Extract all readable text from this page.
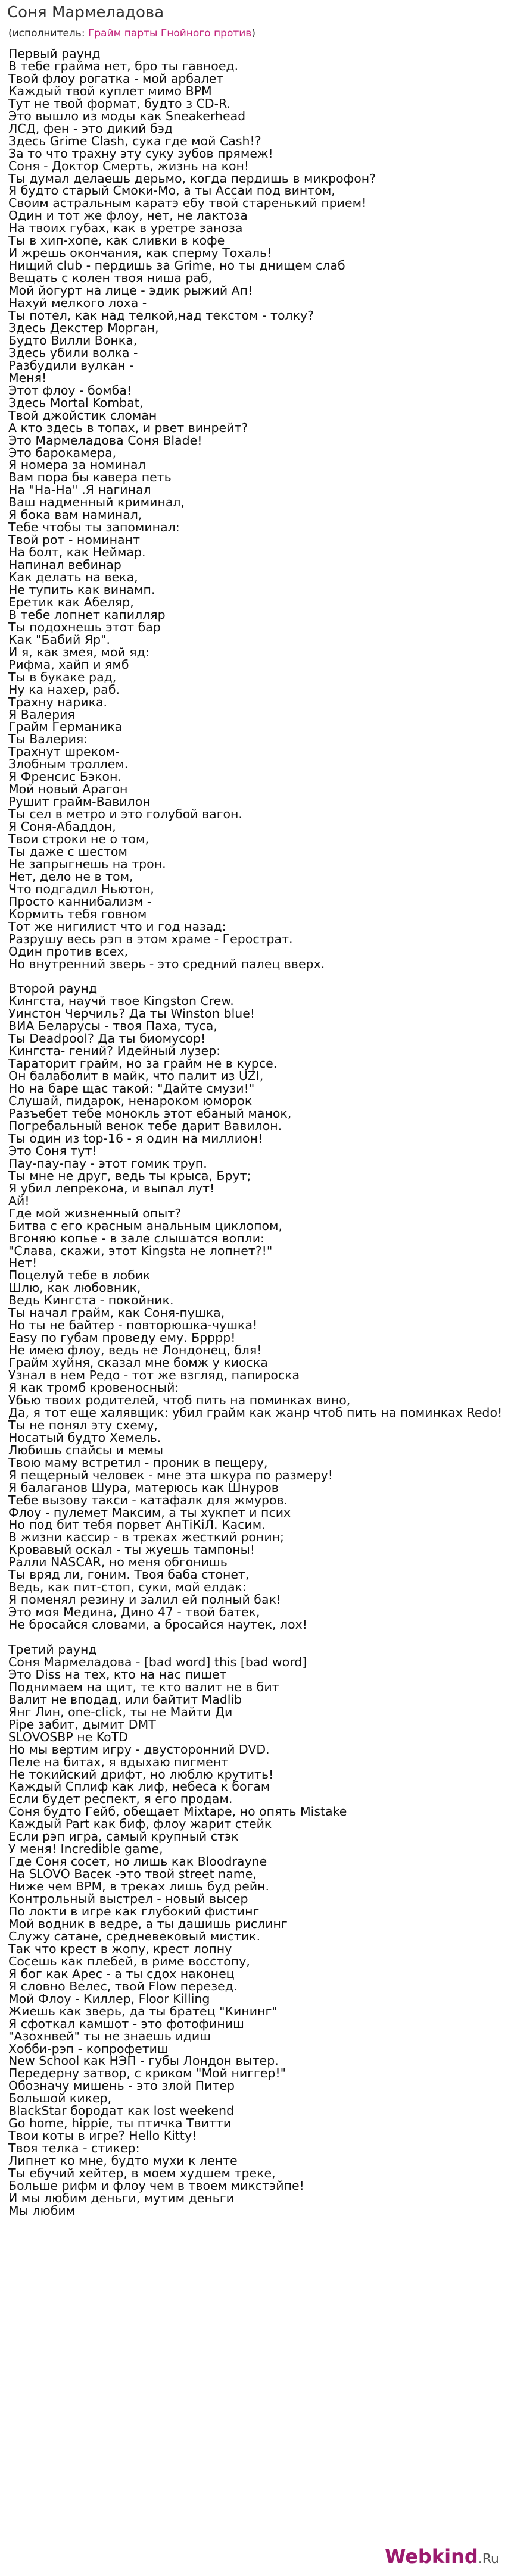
Соня Мармеладова
(исполнитель: Грайм парты Гнойного против)
Первый раунд
В тебе грайма нет, бро ты гавноед.
Твой флоу рогатка - мой арбалет
Каждый твой куплет мимо BPM
Тут не твой формат, будто з CD-R.
Это вышло из моды как Sneakerhead
ЛСД, фен - это дикий бэд
Здесь Grime Clash, сука где мой Cash!?
За то что трахну эту суку зубов прямеж!
Соня - Доктор Смерть, жизнь на кон!
Ты думал делаешь дерьмо, когда пердишь в микрофон?
Я будто старый Смоки-Мо, а ты Ассаи под винтом,
Своим астральным каратэ ебу твой старенький прием!
Один и тот же флоу, нет, не лактоза
На твоих губах, как в уретре заноза
Ты в хип-хопе, как сливки в кофе
И жрешь окончания, как сперму Тохаль!
Нищий club - пердишь за Grime, но ты днищем слаб
Вещать с колен твоя ниша раб,
Мой йогурт на лице - эдик рыжий Ап!
Нахуй мелкого лоха -
Ты потел, как над телкой,над текстом - толку?
Здесь Декстер Морган,
Будто Вилли Вонка,
Здесь убили волка -
Разбудили вулкан -
Меня!
Этот флоу - бомба!
Здесь Mortal Kombat,
Твой джойстик сломан
А кто здесь в топах, и рвет винрейт?
Это Мармеладова Соня Blade!
Это барокамера,
Я номера за номинал
Вам пора бы кавера петь
На "На-На" .Я нагинал
Ваш надменный криминал,
Я бока вам наминал,
Тебе чтобы ты запоминал:
Твой рот - номинант
На болт, как Неймар.
Напинал вебинар
Как делать на века,
Не тупить как винамп.
Еретик как Абеляр,
В тебе лопнет капилляр
Ты подохнешь этот бар
Как "Бабий Яр".
И я, как змея, мой яд:
Рифма, хайп и ямб
Ты в букаке рад,
Ну ка нахер, раб.
Трахну нарика.
Я Валерия
Грайм Германика
Ты Валерия:
Трахнут шреком-
Злобным троллем.
Я Френсис Бэкон.
Мой новый Арагон
Рушит грайм-Вавилон
Ты сел в метро и это голубой вагон.
Я Соня-Абаддон,
Твои строки не о том,
Ты даже с шестом
Не запрыгнешь на трон.
Нет, дело не в том,
Что подгадил Ньютон,
Просто каннибализм -
Кормить тебя говном
Тот же нигилист что и год назад:
Разрушу весь рэп в этом храме - Герострат.
Один против всех,
Но внутренний зверь - это средний палец вверх.

Второй раунд
Кингста, научй твое Kingston Crew.
Уинстон Черчиль? Да ты Winston blue!
ВИА Беларусы - твоя Паха, тусa,
Ты Deadpool? Да ты биомусор!
Кингста- гений? Идейный лузер:
Тараторит грайм, но за грайм не в курсе.
Он балаболит в майк, что палит из UZI,
Но на баре щас такой: "Дайте смузи!"
Слушай, пидарок, ненароком юморок
Разъебет тебе монокль этот ебаный манок,
Погребальный венок тебе дарит Вавилон.
Ты один из top-16 - я один на миллион!
Это Соня тут!
Пау-пау-пау - этот гомик труп.
Ты мне не друг, ведь ты крыса, Брут;
Я убил лепрекона, и выпал лут!
Ай!
Где мой жизненный опыт?
Битва с его красным анальным циклопом,
Вгоняю копье - в зале слышатся вопли:
"Слава, скажи, этот Kingsta не лопнет?!"
Нет!
Поцелуй тебе в лобик
Шлю, как любовник,
Ведь Кингста - покойник.
Ты начал грайм, как Соня-пушка,
Но ты не байтер - повторюшка-чушка!
Easy по губам проведу ему. Брррр!
Не имею флоу, ведь не Лондонец, бля!
Грайм хуйня, сказал мне бомж у киоска
Узнал в нем Редо - тот же взгляд, папироска
Я как тромб кровеносный:
Убью твоих родителей, чтоб пить на поминках вино,
Да, я тот еще халявщик: убил грайм как жанр чтоб пить на поминках Redo!
Ты не понял эту схему,
Носатый будто Хемель.
Любишь спайсы и мемы
Твою маму встретил - проник в пещеру,
Я пещерный человек - мне эта шкура по размеру!
Я балаганов Шура, матерюсь как Шнуров
Тебе вызову такси - катафалк для жмуров.
Флоу - пулемет Максим, а ты хукпет и псих
Но под бит тебя порвет АнТiКiЛ. Касим.
В жизни кассир - в треках жесткий ронин;
Кровавый оскал - ты жуешь тампоны!
Ралли NASCAR, но меня обгонишь
Ты вряд ли, гоним. Твоя баба стонет,
Ведь, как пит-стоп, суки, мой елдак:
Я поменял резину и залил ей полный бак!
Это моя Медина, Дино 47 - твой батек,
Не бросайся словами, а бросайся наутек, лох!

Третий раунд
Соня Мармеладова - [bad word] this [bad word]
Это Diss на тех, кто на нас пишет
Поднимаем на щит, те кто валит не в бит
Валит не вподад, или байтит Madlib
Янг Лин, one-click, ты не Майти Ди
Pipe забит, дымит DMT
SLOVOSBP не KoTD
Но мы вертим игру - двусторонний DVD.
Пеле на битах, я вдыхаю пигмент
Не токийский дрифт, но люблю крутить!
Каждый Сплиф как лиф, небеса к богам
Если будет респект, я его продам.
Соня будто Гейб, обещает Mixtape, но опять Mistake
Каждый Part как биф, флоу жарит стейк
Если рэп игра, самый крупный стэк
У меня! Incredible game,
Где Соня сосет, но лишь как Bloodrayne
На SLOVO Васек -это твой street name,
Ниже чем BPM, в треках лишь бyд рейн.
Контрольный выстрел - новый высер
По локти в игре как глубокий фистинг
Мой водник в ведре, а ты дашишь рислинг
Служу сатане, средневековый мистик.
Так что крест в жопу, крест лопну
Сосешь как плебей, в риме восстопу,
Я бог как Арес - а ты сдох наконец
Я словно Велес, твой Flow перезед.
Мой Флоу - Киллер, Floor Killing
Жиешь как зверь, да ты братец "Кининг"
Я сфоткал камшот - это фотофиниш
"Азохнвей" ты не знаешь идиш
Хобби-рэп - копрофетиш
New School как НЭП - губы Лондон вытер.
Передерну затвор, с криком "Мой ниггер!"
Обозначу мишень - это злой Питер
Большой кикер,
BlackStar бородат как lost weekend
Go home, hippie, ты птичка Твитти
Твои коты в игре? Hello Kitty!
Твоя телка - стикер:
Липнет ко мне, будто мухи к ленте
Ты ебучий хейтер, в моем худшем треке,
Больше рифм и флоу чем в твоем микстэйпе!
И мы любим деньги, мутим деньги
Мы любим
Webkind.Ru
